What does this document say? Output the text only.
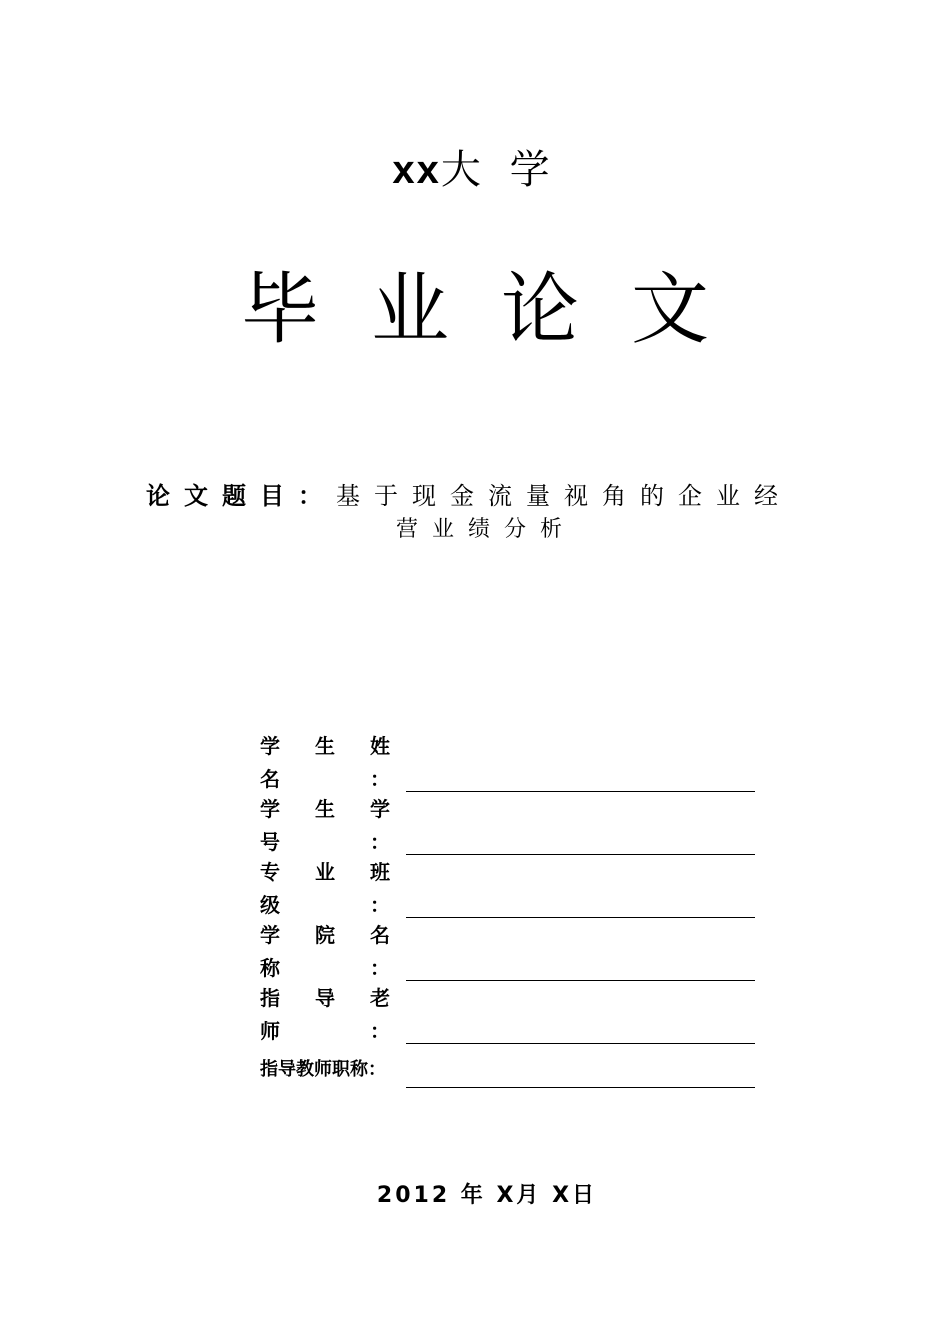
xx大 学
毕业论文
论文题目：基于现金流量视角的企业经
营业绩分析
学 生 姓
名	：
学 生 学
号	：
专 业 班
级	：
学 院 名
称	：
指 导 老
师	：
指导教师职称：
2012 年 X月 X日
